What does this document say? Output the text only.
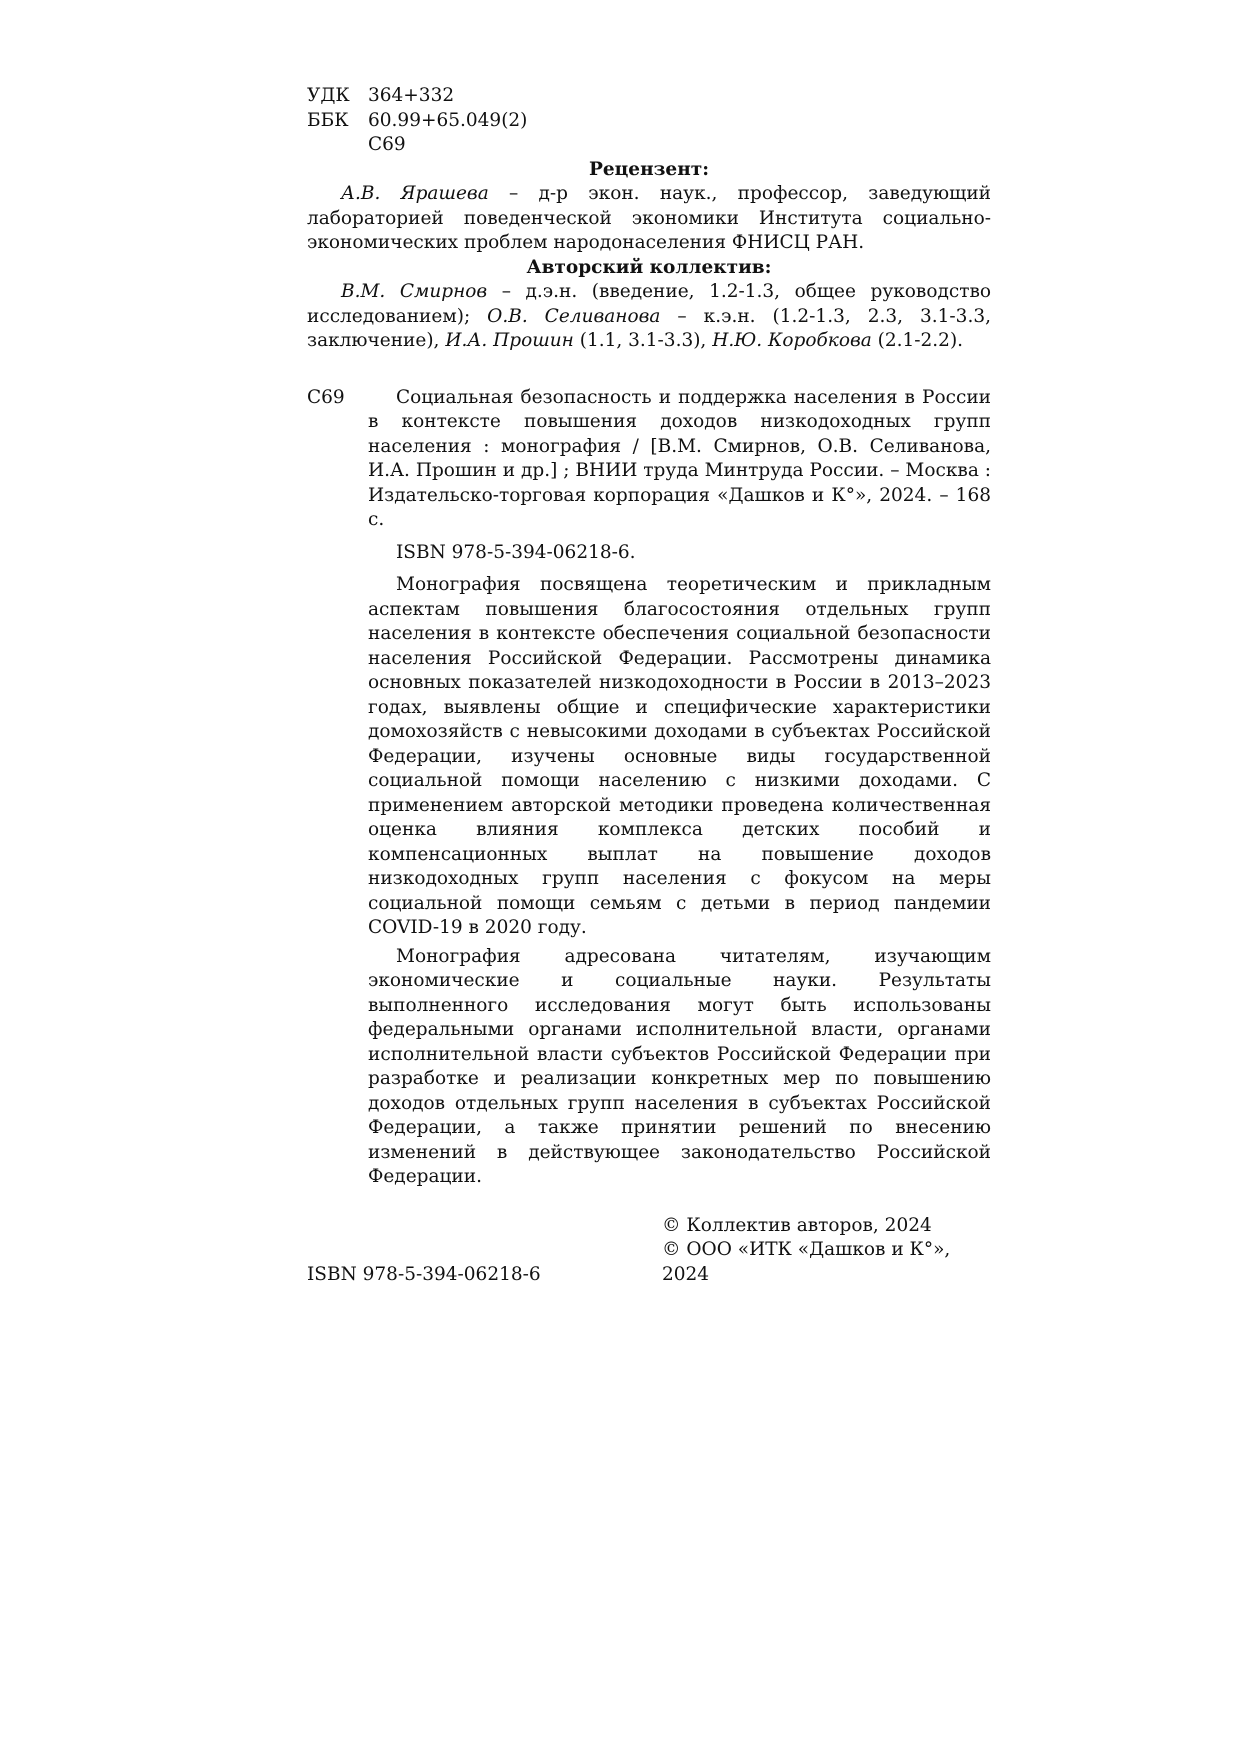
УДК 364+332
ББК	60.99+65.049(2)
С69
Рецензент:
А.В. Ярашева – д-р экон. наук., профессор, заведующий лабораторией поведенческой экономики Института социально-экономических проблем народонаселения ФНИСЦ РАН.
Авторский коллектив:
В.М. Смирнов – д.э.н. (введение, 1.2-1.3, общее руководство исследованием); О.В. Селиванова – к.э.н. (1.2-1.3, 2.3, 3.1-3.3, заключение), И.А. Прошин (1.1, 3.1-3.3), Н.Ю. Коробкова (2.1-2.2).
С69	Социальная безопасность и поддержка населения в России в контексте повышения доходов низкодоходных групп населения : монография / [В.М. Смирнов, О.В. Селиванова, И.А. Прошин и др.] ; ВНИИ труда Минтруда России. – Москва : Издательско-торговая корпорация «Дашков и К°», 2024. – 168 с.
ISBN 978-5-394-06218-6.

Монография посвящена теоретическим и прикладным аспектам повышения благосостояния отдельных групп населения в контексте обеспечения социальной безопасности населения Российской Федерации. Рассмотрены динамика основных показателей низкодоходности в России в 2013–2023 годах, выявлены общие и специфические характеристики домохозяйств с невысокими доходами в субъектах Российской Федерации, изучены основные виды государственной социальной помощи населению с низкими доходами. С применением авторской методики проведена количественная оценка влияния комплекса детских пособий и компенсационных выплат на повышение доходов низкодоходных групп населения с фокусом на меры социальной помощи семьям с детьми в период пандемии COVID-19 в 2020 году.

Монография адресована читателям, изучающим экономические и социальные науки. Результаты выполненного исследования могут быть использованы федеральными органами исполнительной власти, органами исполнительной власти субъектов Российской Федерации при разработке и реализации конкретных мер по повышению доходов отдельных групп населения в субъектах Российской Федерации, а также принятии решений по внесению изменений в действующее законодательство Российской Федерации.

ISBN 978-5-394-06218-6
© Коллектив авторов, 2024
© ООО «ИТК «Дашков и К°», 2024
